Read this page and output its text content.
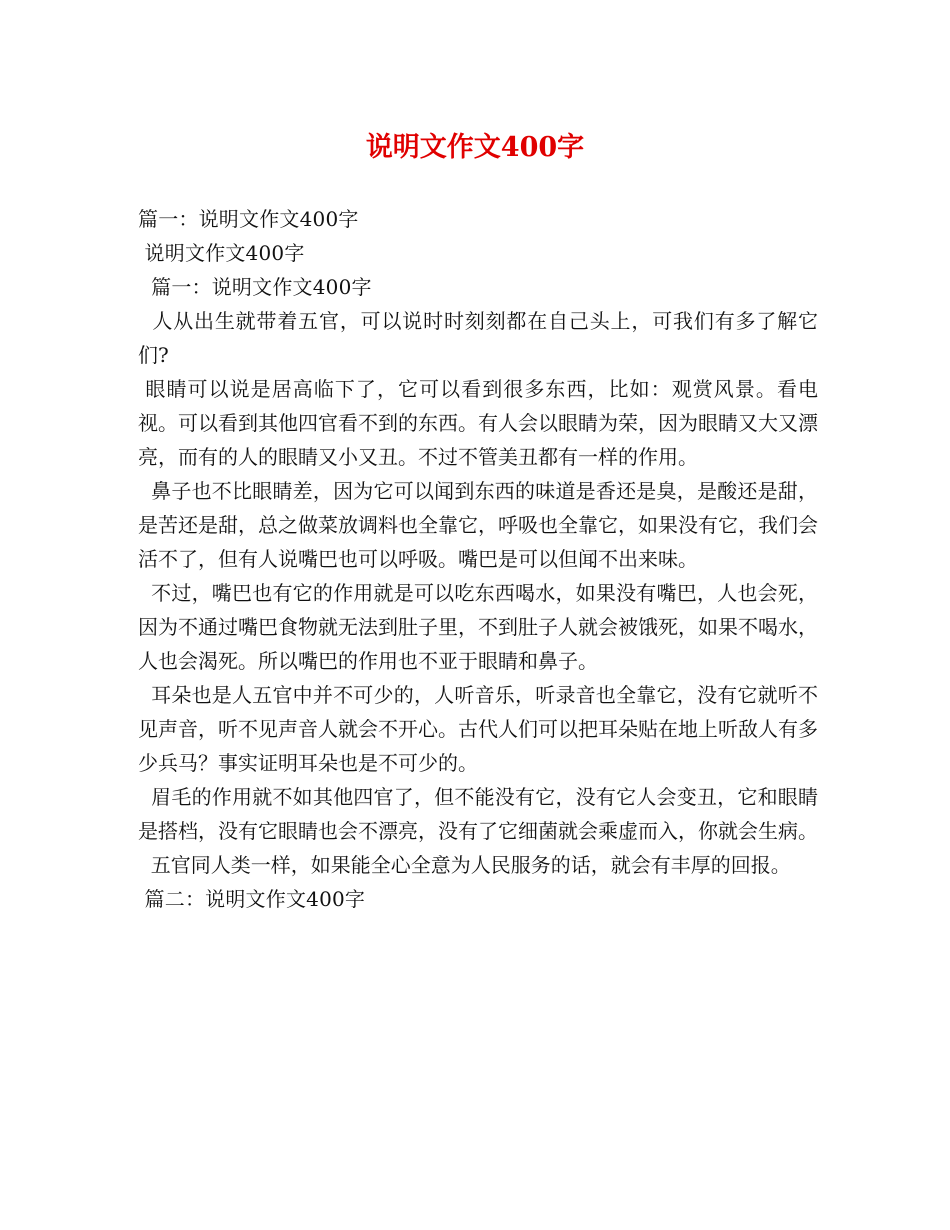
说明文作文400字
篇一：说明文作文400字
说明文作文400字
篇一：说明文作文400字

人从出生就带着五官，可以说时时刻刻都在自己头上，可我们有多了解它们?

眼睛可以说是居高临下了，它可以看到很多东西，比如：观赏风景。看电视。可以看到其他四官看不到的东西。有人会以眼睛为荣，因为眼睛又大又漂亮，而有的人的眼睛又小又丑。不过不管美丑都有一样的作用。

鼻子也不比眼睛差，因为它可以闻到东西的味道是香还是臭，是酸还是甜，是苦还是甜，总之做菜放调料也全靠它，呼吸也全靠它，如果没有它，我们会活不了，但有人说嘴巴也可以呼吸。嘴巴是可以但闻不出来味。

不过，嘴巴也有它的作用就是可以吃东西喝水，如果没有嘴巴，人也会死，因为不通过嘴巴食物就无法到肚子里，不到肚子人就会被饿死，如果不喝水，人也会渴死。所以嘴巴的作用也不亚于眼睛和鼻子。

耳朵也是人五官中并不可少的，人听音乐，听录音也全靠它，没有它就听不见声音，听不见声音人就会不开心。古代人们可以把耳朵贴在地上听敌人有多少兵马？事实证明耳朵也是不可少的。

眉毛的作用就不如其他四官了，但不能没有它，没有它人会变丑，它和眼睛是搭档，没有它眼睛也会不漂亮，没有了它细菌就会乘虚而入，你就会生病。

五官同人类一样，如果能全心全意为人民服务的话，就会有丰厚的回报。

篇二：说明文作文400字
